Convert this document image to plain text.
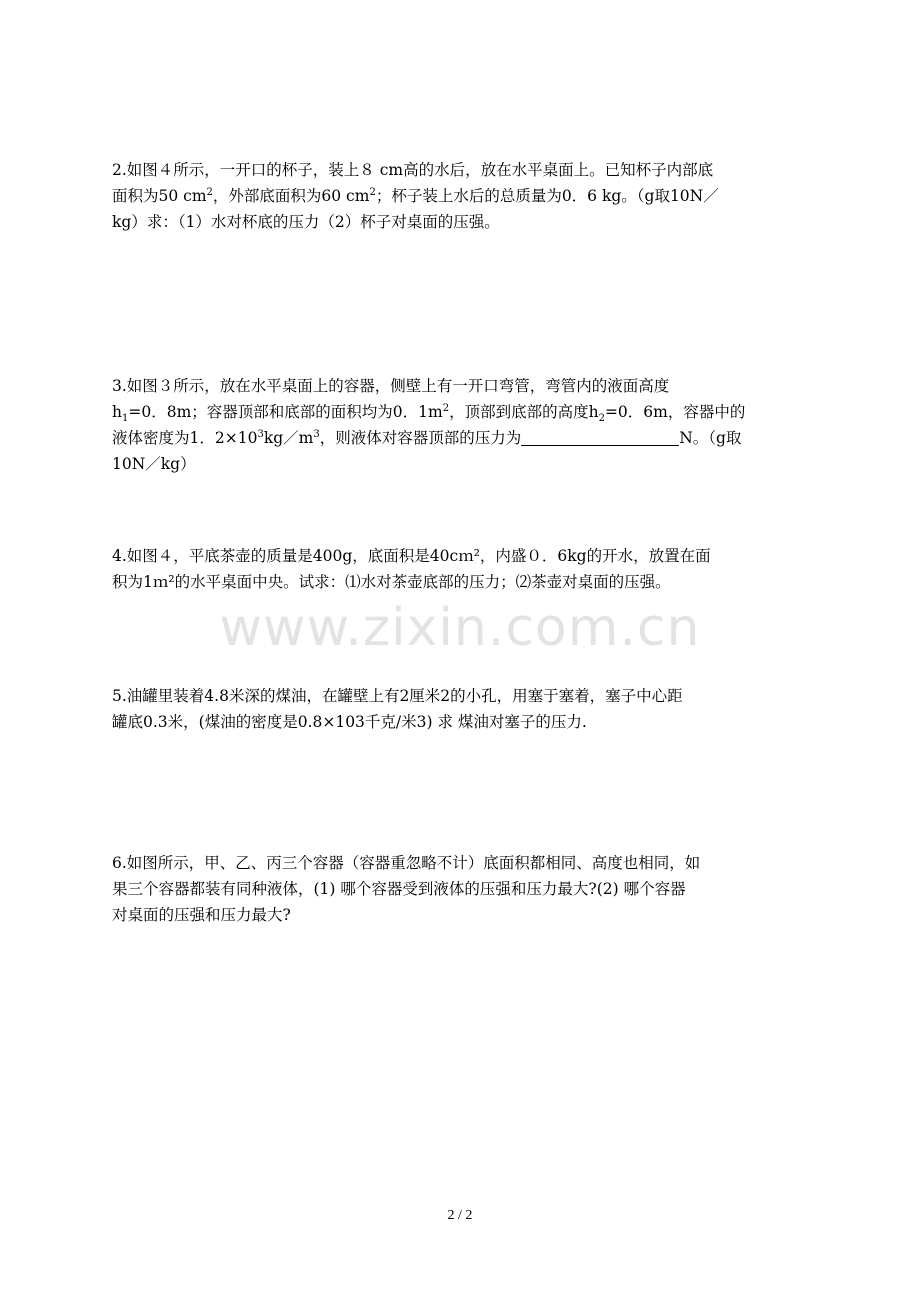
www.zixin.com.cn

2.如图４所示，一开口的杯子，装上８ cm高的水后，放在水平桌面上。已知杯子内部底

面积为50 $cm^2$，外部底面积为60 $cm^2$；杯子装上水后的总质量为0．6 kg。（g取10N／

kg）求：（1）水对杯底的压力（2）杯子对桌面的压强。

3.如图３所示，放在水平桌面上的容器，侧壁上有一开口弯管，弯管内的液面高度

$h_1=0$．8m；容器顶部和底部的面积均为0．$1m^2$，顶部到底部的高度$h_2=0$．6m，容器中的

液体密度为1．$2\times 10^3kg/m^3$，则液体对容器顶部的压力为	N。（g取

10N／kg）

4.如图４，平底茶壶的质量是400g，底面积是40cｍ²，内盛０．6kg的开水，放置在面

积为1ｍ²的水平桌面中央。试求：⑴水对茶壶底部的压力；⑵茶壶对桌面的压强。

5.油罐里装着4.8米深的煤油，在罐壁上有2厘米2的小孔，用塞于塞着，塞子中心距

罐底0.3米，(煤油的密度是0.8×103千克/米3) 求 煤油对塞子的压力.

6.如图所示，甲、乙、丙三个容器（容器重忽略不计）底面积都相同、高度也相同，如

果三个容器都装有同种液体，(1) 哪个容器受到液体的压强和压力最大?(2) 哪个容器

对桌面的压强和压力最大?

2 / 2
